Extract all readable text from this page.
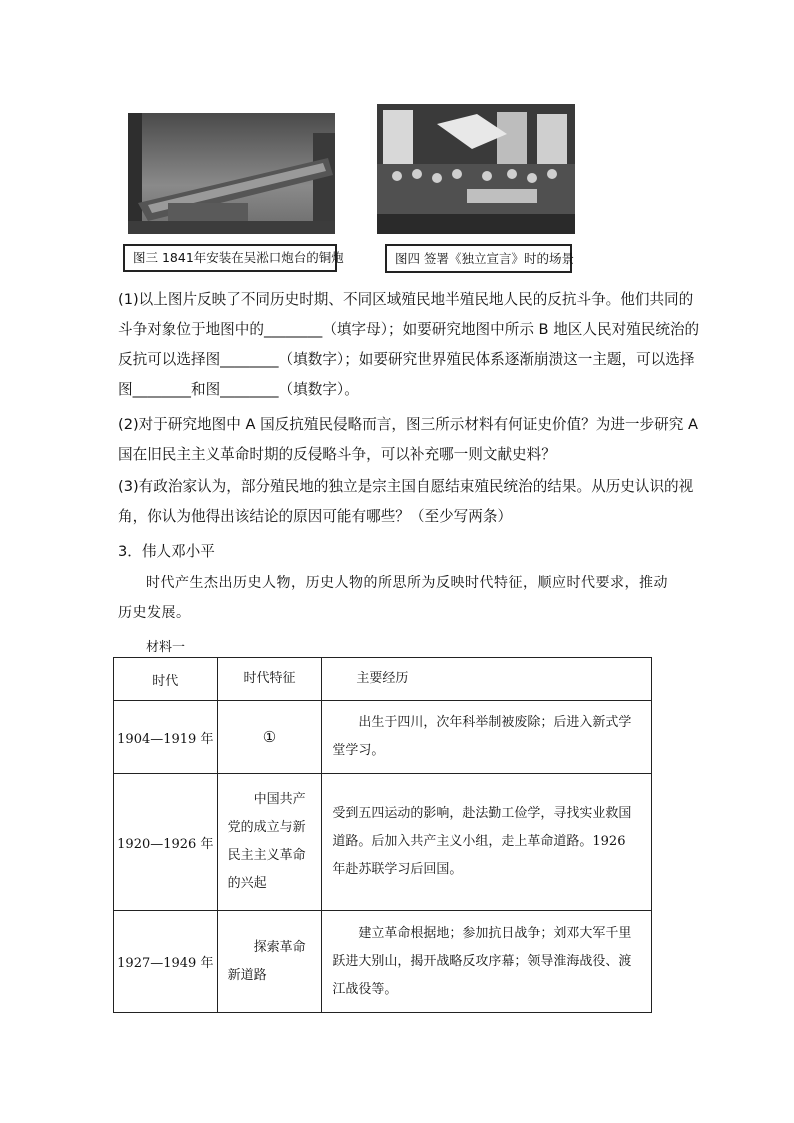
图三 1841年安装在吴淞口炮台的铜炮	图四 签署《独立宣言》时的场景
(1)以上图片反映了不同历史时期、不同区域殖民地半殖民地人民的反抗斗争。他们共同的
斗争对象位于地图中的________（填字母）；如要研究地图中所示 B 地区人民对殖民统治的
反抗可以选择图________（填数字）；如要研究世界殖民体系逐渐崩溃这一主题，可以选择
图________和图________（填数字）。
(2)对于研究地图中 A 国反抗殖民侵略而言，图三所示材料有何证史价值？为进一步研究 A
国在旧民主主义革命时期的反侵略斗争，可以补充哪一则文献史料？
(3)有政治家认为，部分殖民地的独立是宗主国自愿结束殖民统治的结果。从历史认识的视
角，你认为他得出该结论的原因可能有哪些？（至少写两条）
3．伟人邓小平
时代产生杰出历史人物，历史人物的所思所为反映时代特征，顺应时代要求，推动历史发展。
材料一
时代	时代特征	主要经历

1904—1919 年	①	出生于四川，次年科举制被废除；后进入新式学堂学习。

1920—1926 年	中国共产党的成立与新民主主义革命的兴起	受到五四运动的影响，赴法勤工俭学，寻找实业救国道路。后加入共产主义小组，走上革命道路。1926 年赴苏联学习后回国。

1927—1949 年	探索革命新道路	建立革命根据地；参加抗日战争；刘邓大军千里跃进大别山，揭开战略反攻序幕；领导淮海战役、渡江战役等。
